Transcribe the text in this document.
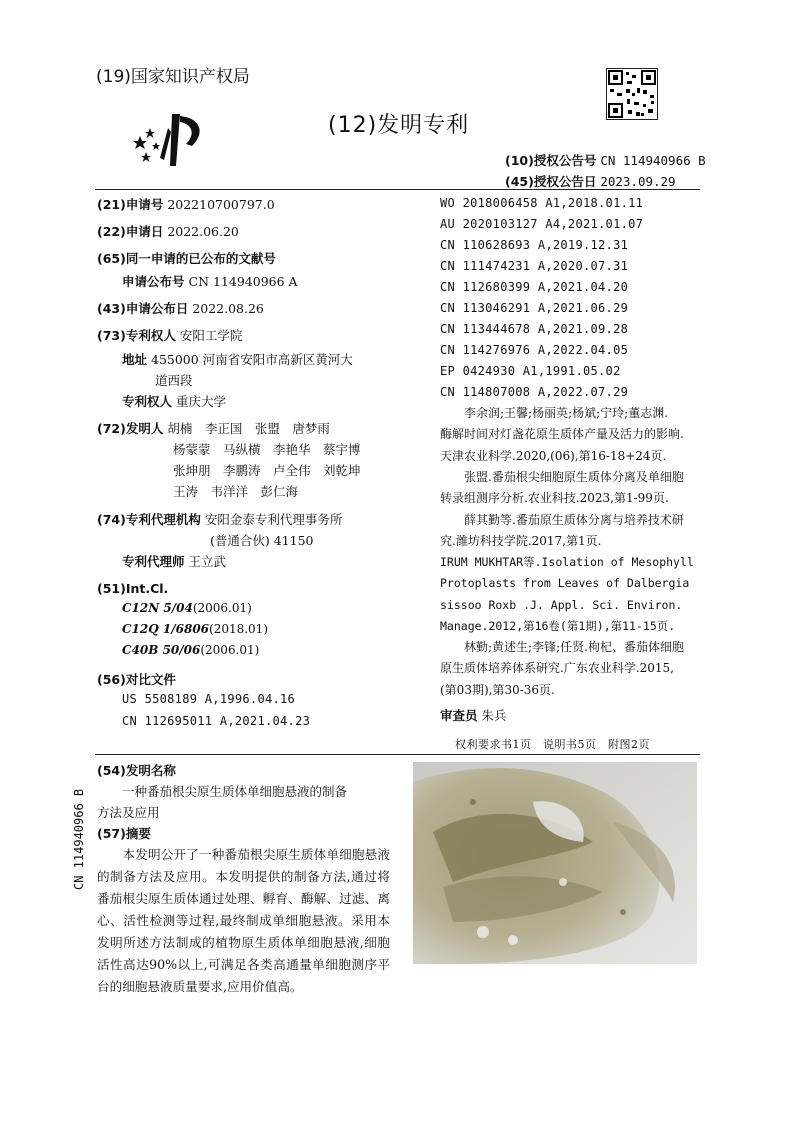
(19)国家知识产权局
(12)发明专利
(10)授权公告号 CN 114940966 B
(45)授权公告日 2023.09.29
(21)申请号 202210700797.0
(22)申请日 2022.06.20
(65)同一申请的已公布的文献号
申请公布号 CN 114940966 A
(43)申请公布日 2022.08.26
(73)专利权人 安阳工学院
地址 455000 河南省安阳市高新区黄河大
道西段
专利权人 重庆大学
(72)发明人 胡楠　李正国　张盟　唐梦雨
杨蒙蒙　马纵横　李艳华　蔡宇博
张坤朋　李鹏涛　卢全伟　刘乾坤
王涛　韦洋洋　彭仁海
(74)专利代理机构 安阳金泰专利代理事务所
(普通合伙) 41150
专利代理师 王立武
(51)Int.Cl.
C12N 5/04(2006.01)
C12Q 1/6806(2018.01)
C40B 50/06(2006.01)
(56)对比文件
US 5508189 A,1996.04.16
CN 112695011 A,2021.04.23
WO 2018006458 A1,2018.01.11
AU 2020103127 A4,2021.01.07
CN 110628693 A,2019.12.31
CN 111474231 A,2020.07.31
CN 112680399 A,2021.04.20
CN 113046291 A,2021.06.29
CN 113444678 A,2021.09.28
CN 114276976 A,2022.04.05
EP 0424930 A1,1991.05.02
CN 114807008 A,2022.07.29
　　李余润;王馨;杨丽英;杨斌;宁玲;董志渊.
酶解时间对灯盏花原生质体产量及活力的影响.
天津农业科学.2020,(06),第16-18+24页.
　　张盟.番茄根尖细胞原生质体分离及单细胞
转录组测序分析.农业科技.2023,第1-99页.
　　薛其勤等.番茄原生质体分离与培养技术研
究.潍坊科技学院.2017,第1页.
IRUM MUKHTAR等.Isolation of Mesophyll
Protoplasts from Leaves of Dalbergia
sissoo Roxb .J. Appl. Sci. Environ.
Manage.2012,第16卷(第1期),第11-15页.
　　林勤;黄述生;李锋;任贤.枸杞、番茄体细胞
原生质体培养体系研究.广东农业科学.2015,
(第03期),第30-36页.
审查员 朱兵
权利要求书1页　说明书5页　附图2页
(54)发明名称
一种番茄根尖原生质体单细胞悬液的制备
方法及应用
(57)摘要
　　本发明公开了一种番茄根尖原生质体单细胞悬液的制备方法及应用。本发明提供的制备方法,通过将番茄根尖原生质体通过处理、孵育、酶解、过滤、离心、活性检测等过程,最终制成单细胞悬液。采用本发明所述方法制成的植物原生质体单细胞悬液,细胞活性高达90%以上,可满足各类高通量单细胞测序平台的细胞悬液质量要求,应用价值高。
CN 114940966 B
